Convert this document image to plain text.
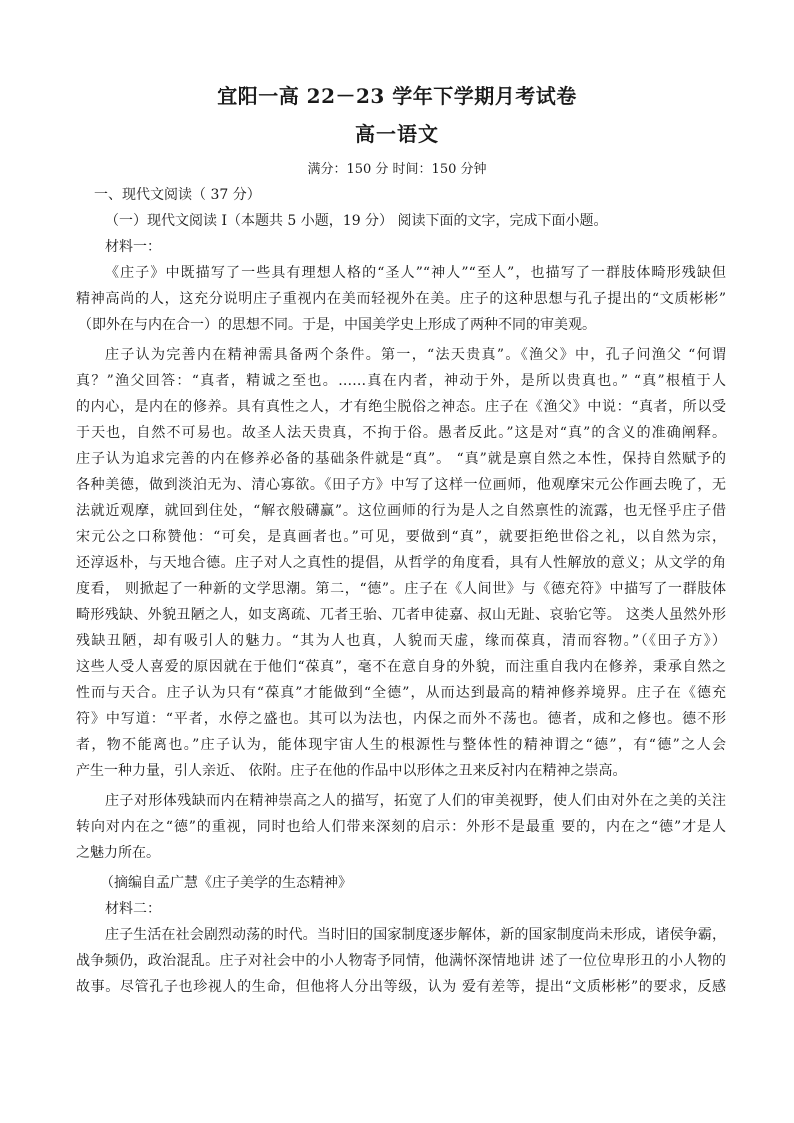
宜阳一高 22－23 学年下学期月考试卷
高一语文
满分：150 分 时间：150 分钟
一、现代文阅读（ 37 分）
（一）现代文阅读 I（本题共 5 小题，19 分） 阅读下面的文字，完成下面小题。
材料一：
《庄子》中既描写了一些具有理想人格的“圣人”“神人”“至人”，也描写了一群肢体畸形残缺但
精神高尚的人，这充分说明庄子重视内在美而轻视外在美。庄子的这种思想与孔子提出的“文质彬彬”
（即外在与内在合一）的思想不同。于是，中国美学史上形成了两种不同的审美观。
庄子认为完善内在精神需具备两个条件。第一，“法天贵真”。《渔父》中，孔子问渔父 “何谓
真？”渔父回答：“真者，精诚之至也。……真在内者，神动于外，是所以贵真也。” “真”根植于人
的内心，是内在的修养。具有真性之人，才有绝尘脱俗之神态。庄子在《渔父》中说：“真者，所以受
于天也，自然不可易也。故圣人法天贵真，不拘于俗。愚者反此。”这是对“真”的含义的准确阐释。
庄子认为追求完善的内在修养必备的基础条件就是“真”。 “真”就是禀自然之本性，保持自然赋予的
各种美德，做到淡泊无为、清心寡欲。《田子方》中写了这样一位画师，他观摩宋元公作画去晚了，无
法就近观摩，就回到住处，“解衣般礴赢”。这位画师的行为是人之自然禀性的流露，也无怪乎庄子借
宋元公之口称赞他：“可矣，是真画者也。”可见，要做到“真”，就要拒绝世俗之礼，以自然为宗，
还淳返朴，与天地合德。庄子对人之真性的提倡，从哲学的角度看，具有人性解放的意义；从文学的角
度看， 则掀起了一种新的文学思潮。第二，“德”。庄子在《人间世》与《德充符》中描写了一群肢体
畸形残缺、外貌丑陋之人，如支离疏、兀者王骀、兀者申徒嘉、叔山无趾、哀骀它等。 这类人虽然外形
残缺丑陋，却有吸引人的魅力。“其为人也真，人貌而天虚，缘而葆真，清而容物。”（《田子方》）
这些人受人喜爱的原因就在于他们“葆真”，毫不在意自身的外貌，而注重自我内在修养，秉承自然之
性而与天合。庄子认为只有“葆真”才能做到“全德”，从而达到最高的精神修养境界。庄子在《德充
符》中写道：“平者，水停之盛也。其可以为法也，内保之而外不荡也。德者，成和之修也。德不形
者，物不能离也。”庄子认为，能体现宇宙人生的根源性与整体性的精神谓之“德”，有“德”之人会
产生一种力量，引人亲近、 依附。庄子在他的作品中以形体之丑来反衬内在精神之崇高。
庄子对形体残缺而内在精神崇高之人的描写，拓宽了人们的审美视野，使人们由对外在之美的关注
转向对内在之“德”的重视，同时也给人们带来深刻的启示：外形不是最重 要的，内在之“德”才是人
之魅力所在。
（摘编自孟广慧《庄子美学的生态精神》
材料二：
庄子生活在社会剧烈动荡的时代。当时旧的国家制度逐步解体，新的国家制度尚未形成，诸侯争霸，
战争频仍，政治混乱。庄子对社会中的小人物寄予同情，他满怀深情地讲 述了一位位卑形丑的小人物的
故事。尽管孔子也珍视人的生命，但他将人分出等级，认为 爱有差等，提出“文质彬彬”的要求，反感
